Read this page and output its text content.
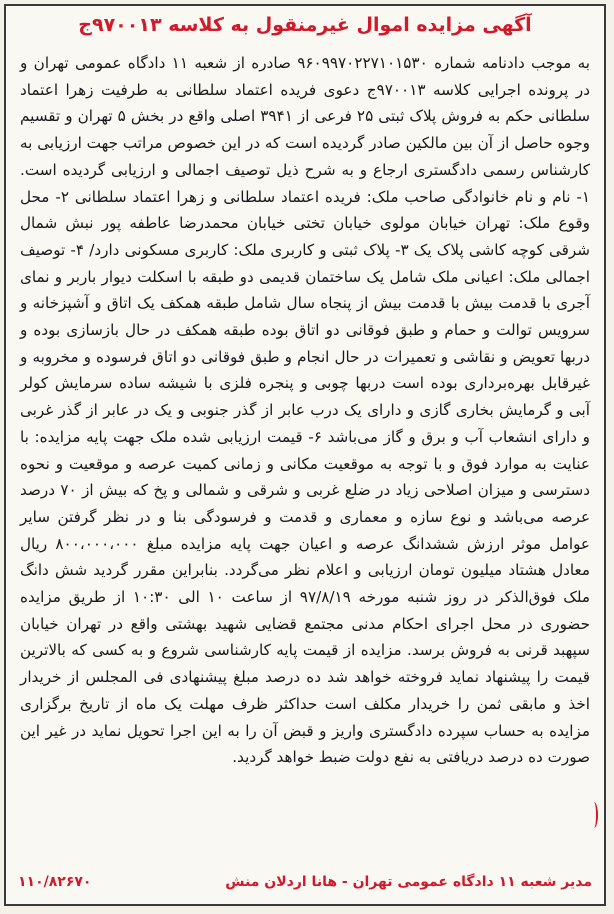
آگهی مزایده اموال غیرمنقول به کلاسه ۹۷۰۰۱۳ج

به موجب دادنامه شماره ۹۶۰۹۹۷۰۲۲۷۱۰۱۵۳۰ صادره از شعبه ۱۱ دادگاه عمومی تهران و در پرونده اجرایی کلاسه ۹۷۰۰۱۳ج دعوی فریده اعتماد سلطانی به طرفیت زهرا اعتماد سلطانی حکم به فروش پلاک ثبتی ۲۵ فرعی از ۳۹۴۱ اصلی واقع در بخش ۵ تهران و تقسیم وجوه حاصل از آن بین مالکین صادر گردیده است که در این خصوص مراتب جهت ارزیابی به کارشناس رسمی دادگستری ارجاع و به شرح ذیل توصیف اجمالی و ارزیابی گردیده است. ۱- نام و نام خانوادگی صاحب ملک: فریده اعتماد سلطانی و زهرا اعتماد سلطانی ۲- محل وقوع ملک: تهران خیابان مولوی خیابان تختی خیابان محمدرضا عاطفه پور نبش شمال شرقی کوچه کاشی پلاک یک ۳- پلاک ثبتی و کاربری ملک: کاربری مسکونی دارد/ ۴- توصیف اجمالی ملک: اعیانی ملک شامل یک ساختمان قدیمی دو طبقه با اسکلت دیوار باربر و نمای آجری با قدمت بیش با قدمت بیش از پنجاه سال شامل طبقه همکف یک اتاق و آشپزخانه و سرویس توالت و حمام و طبق فوقانی دو اتاق بوده طبقه همکف در حال بازسازی بوده و دربها تعویض و نقاشی و تعمیرات در حال انجام و طبق فوقانی دو اتاق فرسوده و مخروبه و غیرقابل بهره‌برداری بوده است دربها چوبی و پنجره فلزی با شیشه ساده سرمایش کولر آبی و گرمایش بخاری گازی و دارای یک درب عابر از گذر جنوبی و یک در عابر از گذر غربی و دارای انشعاب آب و برق و گاز می‌باشد ۶- قیمت ارزیابی شده ملک جهت پایه مزایده: با عنایت به موارد فوق و با توجه به موقعیت مکانی و زمانی کمیت عرصه و موقعیت و نحوه دسترسی و میزان اصلاحی زیاد در ضلع غربی و شرقی و شمالی و پخ که بیش از ۷۰ درصد عرصه می‌باشد و نوع سازه و معماری و قدمت و فرسودگی بنا و در نظر گرفتن سایر عوامل موثر ارزش ششدانگ عرصه و اعیان جهت پایه مزایده مبلغ ۸۰۰،۰۰۰،۰۰۰ ریال معادل هشتاد میلیون تومان ارزیابی و اعلام نظر می‌گردد. بنابراین مقرر گردید شش دانگ ملک فوق‌الذکر در روز شنبه مورخه ۹۷/۸/۱۹ از ساعت ۱۰ الی ۱۰:۳۰ از طریق مزایده حضوری در محل اجرای احکام مدنی مجتمع قضایی شهید بهشتی واقع در تهران خیابان سپهبد قرنی به فروش برسد. مزایده از قیمت پایه کارشناسی شروع و به کسی که بالاترین قیمت را پیشنهاد نماید فروخته خواهد شد ده درصد مبلغ پیشنهادی فی المجلس از خریدار اخذ و مابقی ثمن را خریدار مکلف است حداکثر ظرف مهلت یک ماه از تاریخ برگزاری مزایده به حساب سپرده دادگستری واریز و قبض آن را به این اجرا تحویل نماید در غیر این صورت ده درصد دریافتی به نفع دولت ضبط خواهد گردید.

مدیر شعبه ۱۱ دادگاه عمومی تهران - هانا اردلان منش
۱۱۰/۸۲۶۷۰
